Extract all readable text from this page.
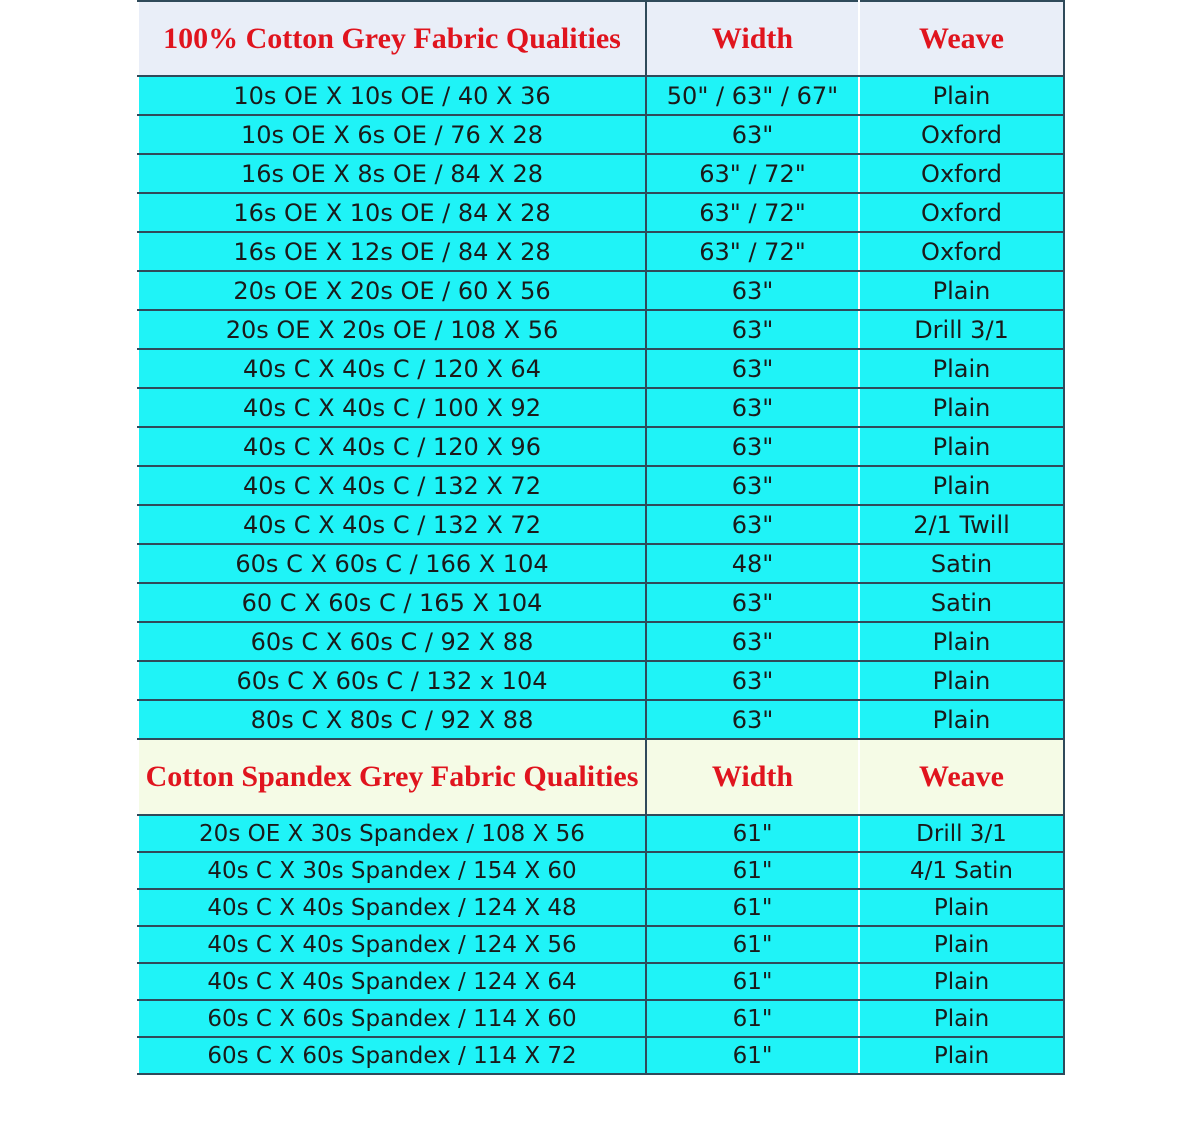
100% Cotton Grey Fabric Qualities	Width	Weave
10s OE X 10s OE / 40 X 36	50" / 63" / 67"	Plain
10s OE X 6s OE / 76 X 28	63"	Oxford
16s OE X 8s OE / 84 X 28	63" / 72"	Oxford
16s OE X 10s OE / 84 X 28	63" / 72"	Oxford
16s OE X 12s OE / 84 X 28	63" / 72"	Oxford
20s OE X 20s OE / 60 X 56	63"	Plain
20s OE X 20s OE / 108 X 56	63"	Drill 3/1
40s C X 40s C / 120 X 64	63"	Plain
40s C X 40s C / 100 X 92	63"	Plain
40s C X 40s C / 120 X 96	63"	Plain
40s C X 40s C / 132 X 72	63"	Plain
40s C X 40s C / 132 X 72	63"	2/1 Twill
60s C X 60s C / 166 X 104	48"	Satin
60 C X 60s C / 165 X 104	63"	Satin
60s C X 60s C / 92 X 88	63"	Plain
60s C X 60s C / 132 x 104	63"	Plain
80s C X 80s C / 92 X 88	63"	Plain
Cotton Spandex Grey Fabric Qualities	Width	Weave
20s OE X 30s Spandex / 108 X 56	61"	Drill 3/1
40s C X 30s Spandex / 154 X 60	61"	4/1 Satin
40s C X 40s Spandex / 124 X 48	61"	Plain
40s C X 40s Spandex / 124 X 56	61"	Plain
40s C X 40s Spandex / 124 X 64	61"	Plain
60s C X 60s Spandex / 114 X 60	61"	Plain
60s C X 60s Spandex / 114 X 72	61"	Plain
